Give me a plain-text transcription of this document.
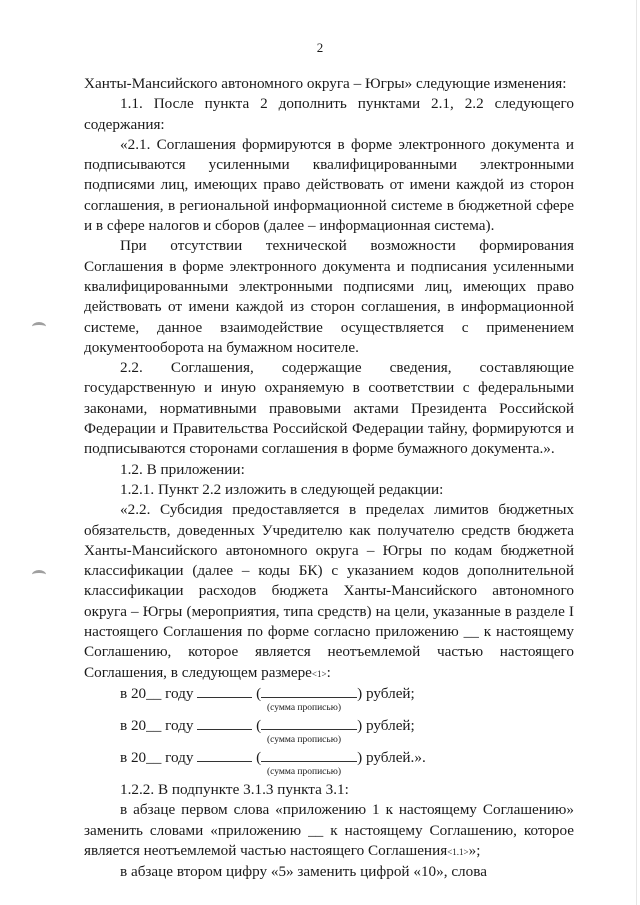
2

Ханты-Мансийского автономного округа – Югры» следующие изменения:

1.1. После пункта 2 дополнить пунктами 2.1, 2.2 следующего содержания:

«2.1. Соглашения формируются в форме электронного документа и подписываются усиленными квалифицированными электронными подписями лиц, имеющих право действовать от имени каждой из сторон соглашения, в региональной информационной системе в бюджетной сфере и в сфере налогов и сборов (далее – информационная система).

При отсутствии технической возможности формирования Соглашения в форме электронного документа и подписания усиленными квалифицированными электронными подписями лиц, имеющих право действовать от имени каждой из сторон соглашения, в информационной системе, данное взаимодействие осуществляется с применением документооборота на бумажном носителе.

2.2. Соглашения, содержащие сведения, составляющие государственную и иную охраняемую в соответствии с федеральными законами, нормативными правовыми актами Президента Российской Федерации и Правительства Российской Федерации тайну, формируются и подписываются сторонами соглашения в форме бумажного документа.».

1.2. В приложении:

1.2.1. Пункт 2.2 изложить в следующей редакции:

«2.2. Субсидия предоставляется в пределах лимитов бюджетных обязательств, доведенных Учредителю как получателю средств бюджета Ханты-Мансийского автономного округа – Югры по кодам бюджетной классификации (далее – коды БК) с указанием кодов дополнительной классификации расходов бюджета Ханты-Мансийского автономного округа – Югры (мероприятия, типа средств) на цели, указанные в разделе I настоящего Соглашения по форме согласно приложению __ к настоящему Соглашению, которое является неотъемлемой частью настоящего Соглашения, в следующем размере<1>:

в 20__ году	(	) рублей;
(сумма прописью)
в 20__ году	(	) рублей;
(сумма прописью)
в 20__ году	(	) рублей.».
(сумма прописью)

1.2.2. В подпункте 3.1.3 пункта 3.1:

в абзаце первом слова «приложению 1 к настоящему Соглашению» заменить словами «приложению __ к настоящему Соглашению, которое является неотъемлемой частью настоящего Соглашения<1.1>»;

в абзаце втором цифру «5» заменить цифрой «10», слова
